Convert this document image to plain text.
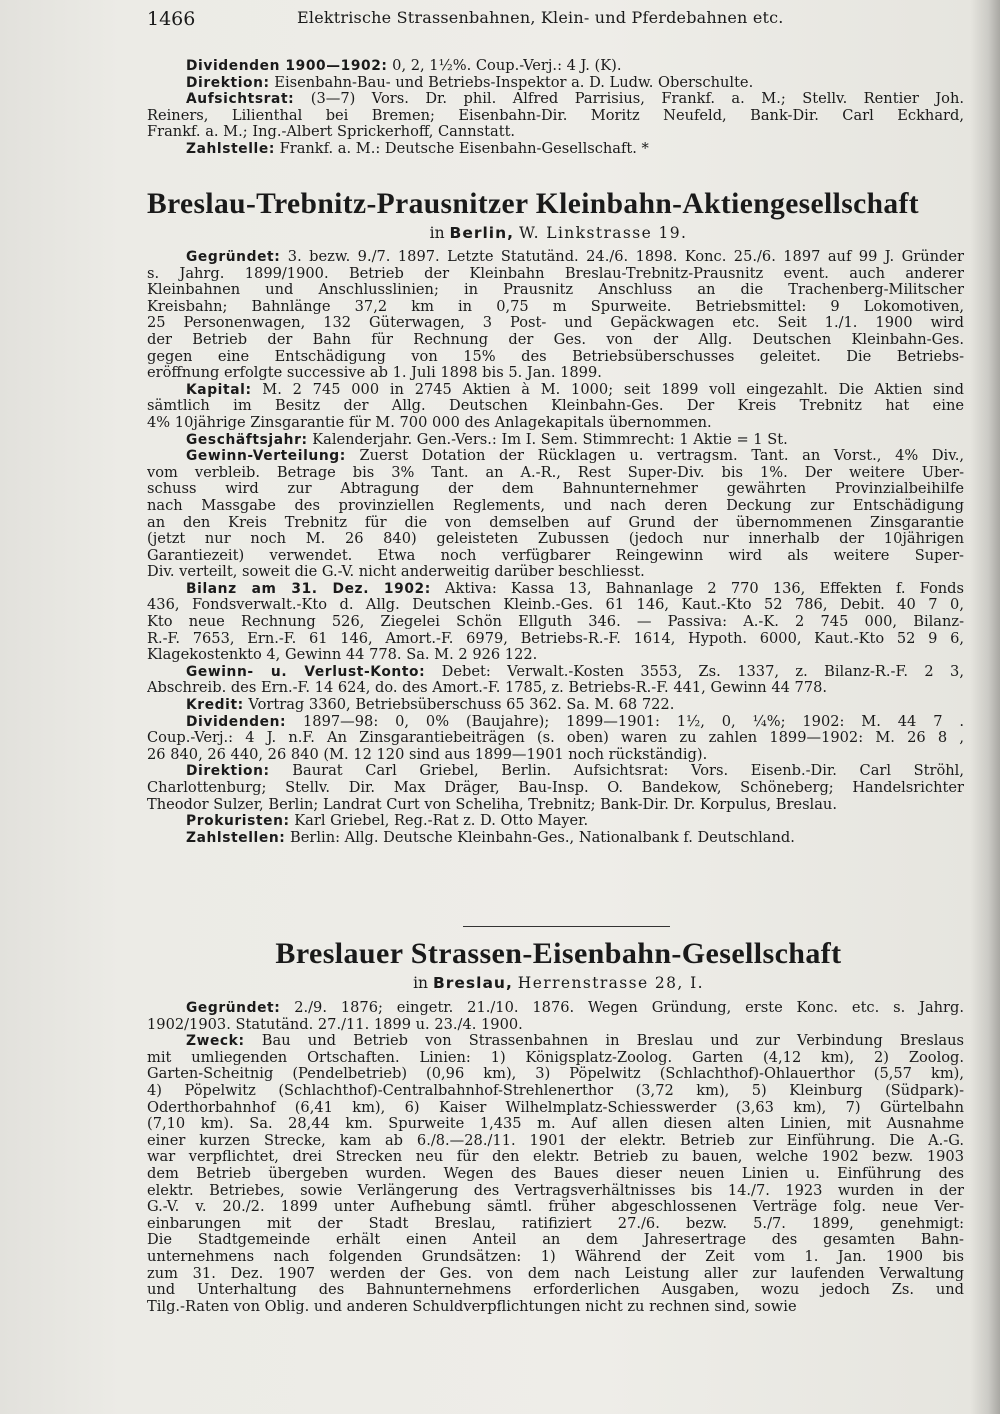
1466	Elektrische Strassenbahnen, Klein- und Pferdebahnen etc.
Dividenden 1900—1902: 0, 2, 1½%. Coup.-Verj.: 4 J. (K).
Direktion: Eisenbahn-Bau- und Betriebs-Inspektor a. D. Ludw. Oberschulte.
Aufsichtsrat: (3—7) Vors. Dr. phil. Alfred Parrisius, Frankf. a. M.; Stellv. Rentier Joh.
Reiners, Lilienthal bei Bremen; Eisenbahn-Dir. Moritz Neufeld, Bank-Dir. Carl Eckhard,
Frankf. a. M.; Ing.-Albert Sprickerhoff, Cannstatt.
Zahlstelle: Frankf. a. M.: Deutsche Eisenbahn-Gesellschaft. *
Breslau-Trebnitz-Prausnitzer Kleinbahn-Aktiengesellschaft
in Berlin, W. Linkstrasse 19.
Gegründet: 3. bezw. 9./7. 1897. Letzte Statutänd. 24./6. 1898. Konc. 25./6. 1897 auf 99 J. Gründer
s. Jahrg. 1899/1900. Betrieb der Kleinbahn Breslau-Trebnitz-Prausnitz event. auch anderer
Kleinbahnen und Anschlusslinien; in Prausnitz Anschluss an die Trachenberg-Militscher
Kreisbahn; Bahnlänge 37,2 km in 0,75 m Spurweite. Betriebsmittel: 9 Lokomotiven,
25 Personenwagen, 132 Güterwagen, 3 Post- und Gepäckwagen etc. Seit 1./1. 1900 wird
der Betrieb der Bahn für Rechnung der Ges. von der Allg. Deutschen Kleinbahn-Ges.
gegen eine Entschädigung von 15% des Betriebsüberschusses geleitet. Die Betriebs-
eröffnung erfolgte successive ab 1. Juli 1898 bis 5. Jan. 1899.
Kapital: M. 2 745 000 in 2745 Aktien à M. 1000; seit 1899 voll eingezahlt. Die Aktien sind
sämtlich im Besitz der Allg. Deutschen Kleinbahn-Ges. Der Kreis Trebnitz hat eine
4% 10jährige Zinsgarantie für M. 700 000 des Anlagekapitals übernommen.
Geschäftsjahr: Kalenderjahr. Gen.-Vers.: Im I. Sem. Stimmrecht: 1 Aktie = 1 St.
Gewinn-Verteilung: Zuerst Dotation der Rücklagen u. vertragsm. Tant. an Vorst., 4% Div.,
vom verbleib. Betrage bis 3% Tant. an A.-R., Rest Super-Div. bis 1%. Der weitere Über-
schuss wird zur Abtragung der dem Bahnunternehmer gewährten Provinzialbeihilfe
nach Massgabe des provinziellen Reglements, und nach deren Deckung zur Entschädigung
an den Kreis Trebnitz für die von demselben auf Grund der übernommenen Zinsgarantie
(jetzt nur noch M. 26 840) geleisteten Zubussen (jedoch nur innerhalb der 10jährigen
Garantiezeit) verwendet. Etwa noch verfügbarer Reingewinn wird als weitere Super-
Div. verteilt, soweit die G.-V. nicht anderweitig darüber beschliesst.
Bilanz am 31. Dez. 1902: Aktiva: Kassa 13, Bahnanlage 2 770 136, Effekten f. Fonds
436, Fondsverwalt.-Kto d. Allg. Deutschen Kleinb.-Ges. 61 146, Kaut.-Kto 52 786, Debit. 40 7 0,
Kto neue Rechnung 526, Ziegelei Schön Ellguth 346. — Passiva: A.-K. 2 745 000, Bilanz-
R.-F. 7653, Ern.-F. 61 146, Amort.-F. 6979, Betriebs-R.-F. 1614, Hypoth. 6000, Kaut.-Kto 52 9 6,
Klagekostenkto 4, Gewinn 44 778. Sa. M. 2 926 122.
Gewinn- u. Verlust-Konto: Debet: Verwalt.-Kosten 3553, Zs. 1337, z. Bilanz-R.-F. 2 3,
Abschreib. des Ern.-F. 14 624, do. des Amort.-F. 1785, z. Betriebs-R.-F. 441, Gewinn 44 778.
Kredit: Vortrag 3360, Betriebsüberschuss 65 362. Sa. M. 68 722.
Dividenden: 1897—98: 0, 0% (Baujahre); 1899—1901: 1½, 0, ¼%; 1902: M. 44 7 .
Coup.-Verj.: 4 J. n.F. An Zinsgarantiebeiträgen (s. oben) waren zu zahlen 1899—1902: M. 26 8 ,
26 840, 26 440, 26 840 (M. 12 120 sind aus 1899—1901 noch rückständig).
Direktion: Baurat Carl Griebel, Berlin. Aufsichtsrat: Vors. Eisenb.-Dir. Carl Ströhl,
Charlottenburg; Stellv. Dir. Max Dräger, Bau-Insp. O. Bandekow, Schöneberg; Handelsrichter
Theodor Sulzer, Berlin; Landrat Curt von Scheliha, Trebnitz; Bank-Dir. Dr. Korpulus, Breslau.
Prokuristen: Karl Griebel, Reg.-Rat z. D. Otto Mayer.
Zahlstellen: Berlin: Allg. Deutsche Kleinbahn-Ges., Nationalbank f. Deutschland.
Breslauer Strassen-Eisenbahn-Gesellschaft
in Breslau, Herrenstrasse 28, I.
Gegründet: 2./9. 1876; eingetr. 21./10. 1876. Wegen Gründung, erste Konc. etc. s. Jahrg.
1902/1903. Statutänd. 27./11. 1899 u. 23./4. 1900.
Zweck: Bau und Betrieb von Strassenbahnen in Breslau und zur Verbindung Breslaus
mit umliegenden Ortschaften. Linien: 1) Königsplatz-Zoolog. Garten (4,12 km), 2) Zoolog.
Garten-Scheitnig (Pendelbetrieb) (0,96 km), 3) Pöpelwitz (Schlachthof)-Ohlauerthor (5,57 km),
4) Pöpelwitz (Schlachthof)-Centralbahnhof-Strehlenerthor (3,72 km), 5) Kleinburg (Südpark)-
Oderthorbahnhof (6,41 km), 6) Kaiser Wilhelmplatz-Schiesswerder (3,63 km), 7) Gürtelbahn
(7,10 km). Sa. 28,44 km. Spurweite 1,435 m. Auf allen diesen alten Linien, mit Ausnahme
einer kurzen Strecke, kam ab 6./8.—28./11. 1901 der elektr. Betrieb zur Einführung. Die A.-G.
war verpflichtet, drei Strecken neu für den elektr. Betrieb zu bauen, welche 1902 bezw. 1903
dem Betrieb übergeben wurden. Wegen des Baues dieser neuen Linien u. Einführung des
elektr. Betriebes, sowie Verlängerung des Vertragsverhältnisses bis 14./7. 1923 wurden in der
G.-V. v. 20./2. 1899 unter Aufhebung sämtl. früher abgeschlossenen Verträge folg. neue Ver-
einbarungen mit der Stadt Breslau, ratifiziert 27./6. bezw. 5./7. 1899, genehmigt:
Die Stadtgemeinde erhält einen Anteil an dem Jahresertrage des gesamten Bahn-
unternehmens nach folgenden Grundsätzen: 1) Während der Zeit vom 1. Jan. 1900 bis
zum 31. Dez. 1907 werden der Ges. von dem nach Leistung aller zur laufenden Verwaltung
und Unterhaltung des Bahnunternehmens erforderlichen Ausgaben, wozu jedoch Zs. und
Tilg.-Raten von Oblig. und anderen Schuldverpflichtungen nicht zu rechnen sind, sowie
